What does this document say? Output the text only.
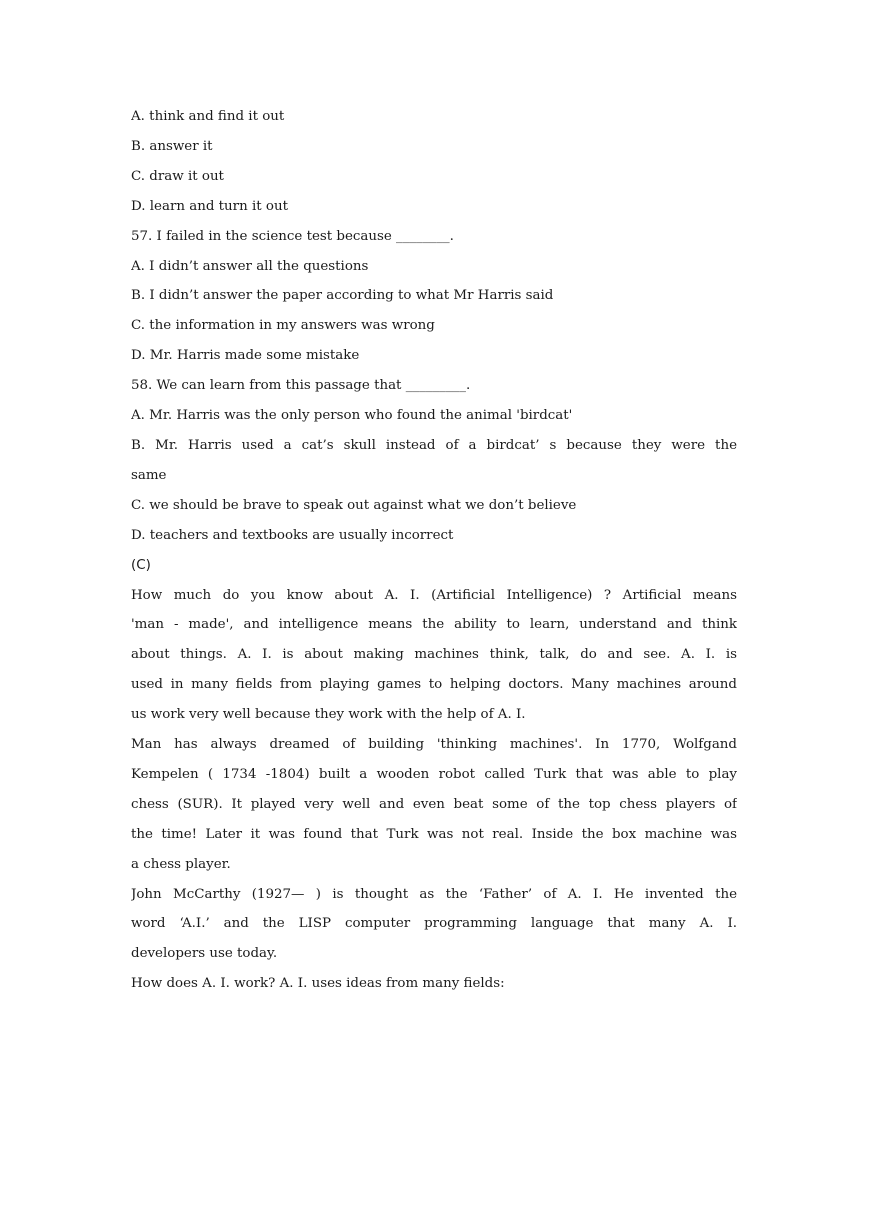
A. think and find it out
B. answer it
C. draw it out
D. learn and turn it out
57. I failed in the science test because ________.
A. I didn’t answer all the questions
B. I didn’t answer the paper according to what Mr Harris said
C. the information in my answers was wrong
D. Mr. Harris made some mistake
58. We can learn from this passage that _________.
A. Mr. Harris was the only person who found the animal 'birdcat'
B. Mr. Harris used a cat’s skull instead of a birdcat’ s because they were the
same
C. we should be brave to speak out against what we don’t believe
D. teachers and textbooks are usually incorrect
(C)
How much do you know about A. I. (Artificial Intelligence) ? Artificial means
'man - made', and intelligence means the ability to learn, understand and think
about things. A. I. is about making machines think, talk, do and see. A. I. is
used in many fields from playing games to helping doctors. Many machines around
us work very well because they work with the help of A. I.
Man has always dreamed of building 'thinking machines'. In 1770, Wolfgand
Kempelen ( 1734 -1804) built a wooden robot called Turk that was able to play
chess (SUR). It played very well and even beat some of the top chess players of
the time! Later it was found that Turk was not real. Inside the box machine was
a chess player.
John McCarthy (1927— ) is thought as the ‘Father’ of A. I. He invented the
word ‘A.I.’ and the LISP computer programming language that many A. I.
developers use today.
How does A. I. work? A. I. uses ideas from many fields:
